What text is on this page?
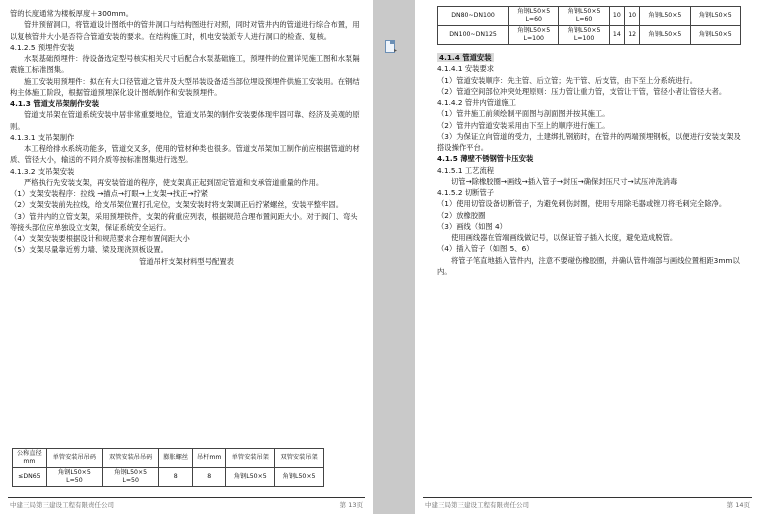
管的长度通常为楼板厚度＋300mm。

管井预留洞口，将管道设计图纸中的管井洞口与结构图进行对照，同时对管井内的管道进行综合布置，用以复核管井大小是否符合管道安装的要求。在结构施工时，机电安装派专人进行洞口的检查、复核。

4.1.2.5 预埋件安装

水泵基础预埋件：待设备选定型号核实相关尺寸后配合水泵基础施工，预埋件的位置详见施工图和水泵隔震施工标准图集。

施工安装用预埋件：拟在有大口径管道之管井及大型吊装设备适当部位埋设预埋件供施工安装用。在钢结构主体施工阶段，根据管道预埋深化设计图纸制作和安装预埋件。

4.1.3 管道支吊架制作安装

管道支吊架在管道系统安装中居非常重要地位，管道支吊架的制作安装要体现牢固可靠、经济及美观的原则。

4.1.3.1 支吊架制作

本工程给排水系统功能多，管道交叉多，使用的管材种类也很多。管道支吊架加工制作前应根据管道的材质、管径大小，输送的不同介质等按标准图集进行选型。

4.1.3.2 支吊架安装

严格执行先安装支架，再安装管道的程序，使支架真正起到固定管道和支承管道重量的作用。

（1）支架安装程序：拉线 →描点→打眼→上支架→找正→拧紧

（2）支架安装前先拉线，给支吊架位置打孔定位，支架安装时将支架调正后拧紧螺丝，安装平整牢固。

（3）管井内的立管支架，采用预埋铁件，支架的荷重应列表，根据规范合理布置间距大小。对于阀门、弯头等接头部位应单独设立支架，保证系统安全运行。

（4）支架安装要根据设计和规范要求合理布置间距大小

（5）支架尽量靠近剪力墙、梁及现浇顶板设置。

管道吊杆支架材料型号配置表

公称直径
mm	单管安装吊吊码	双管安装吊吊码	膨胀螺丝	吊杆mm	单管安装吊架	双管安装吊架
≤DN65	角钢L50×5
L=50	角钢L50×5
L=50	8	8	角钢L50×5	角钢L50×5
中建三局第三建设工程有限责任公司	第 13页
▸
DN80~DN100	角钢L50×5
L=60	角钢L50×5
L=60	10	10	角钢L50×5	角钢L50×5
DN100~DN125	角钢L50×5
L=100	角钢L50×5
L=100	14	12	角钢L50×5	角钢L50×5

4.1.4 管道安装

4.1.4.1 安装要求

（1）管道安装顺序：先主管、后立管；先干管、后支管，由下至上分系统进行。

（2）管道空间部位冲突处理原则：压力管让重力管，支管让干管，管径小者让管径大者。

4.1.4.2 管井内管道施工

（1）管井施工前须绘制平面图与剖面图并按其施工。

（2）管井内管道安装采用由下至上的顺序进行施工。

（3）为保证立向管道的受力，土建绑扎钢筋时，在管井的两端预埋钢板，以便进行安装支架及搭设操作平台。

4.1.5 薄壁不锈钢管卡压安装

4.1.5.1 工艺流程

切管→除橡胶圈→画线→插入管子→封压→确保封压尺寸→试压冲洗消毒

4.1.5.2 切断管子

（1）使用切管设备切断管子，为避免刺伤封圈，使用专用除毛器或锉刀将毛刺完全除净。

（2）放橡胶圈

（3）画线（如图 4）

使用画线器在管端画线做记号，以保证管子插入长度，避免造成脱管。

（4）插入管子（如图 5、6）

将管子笔直地插入管件内，注意不要碰伤橡胶圈，并确认管件端部与画线位置相距3mm以内。

中建三局第三建设工程有限责任公司	第 14页
